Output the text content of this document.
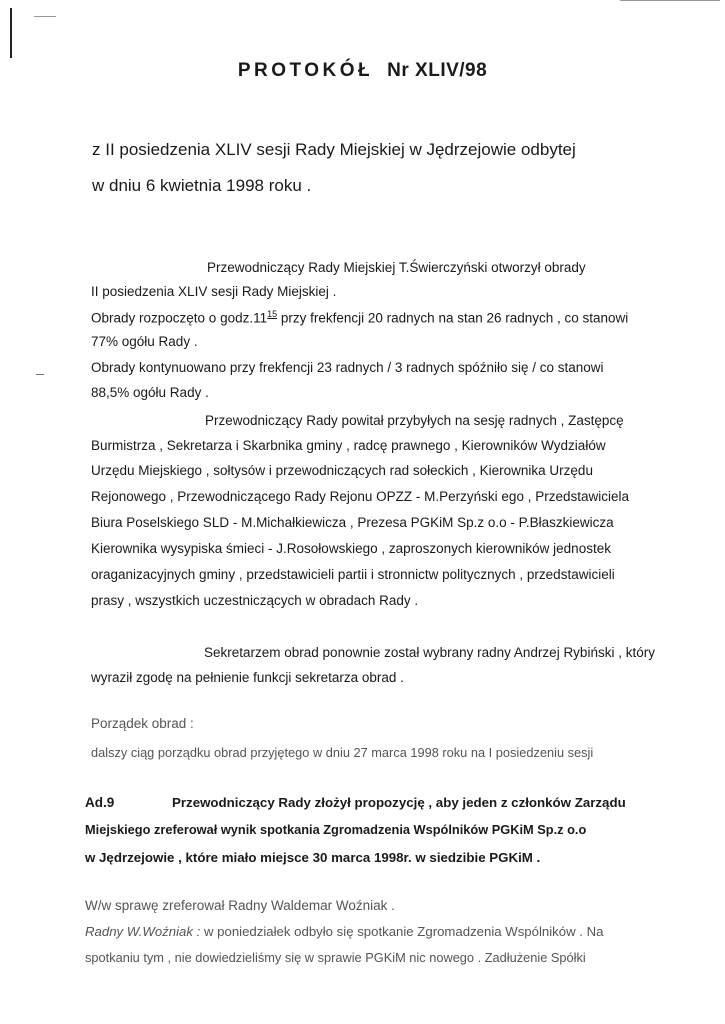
PROTOKÓŁ Nr XLIV/98
z II posiedzenia XLIV sesji Rady Miejskiej w Jędrzejowie odbytej
w dniu 6 kwietnia 1998 roku .
Przewodniczący Rady Miejskiej T.Świerczyński otworzył obrady
II posiedzenia XLIV sesji Rady Miejskiej .
Obrady rozpoczęto o $godz.11^{15}$ przy frekfencji 20 radnych na stan 26 radnych , co stanowi
77% ogółu Rady .
Obrady kontynuowano przy frekfencji 23 radnych / 3 radnych spóźniło się / co stanowi
88,5% ogółu Rady .
Przewodniczący Rady powitał przybyłych na sesję radnych , Zastępcę
Burmistrza , Sekretarza i Skarbnika gminy , radcę prawnego , Kierowników Wydziałów
Urzędu Miejskiego , sołtysów i przewodniczących rad sołeckich , Kierownika Urzędu
Rejonowego , Przewodniczącego Rady Rejonu OPZZ - M.Perzyński ego , Przedstawiciela
Biura Poselskiego SLD - M.Michałkiewicza , Prezesa PGKiM Sp.z o.o - P.Błaszkiewicza
Kierownika wysypiska śmieci - J.Rosołowskiego , zaproszonych kierowników jednostek
oraganizacyjnych gminy , przedstawicieli partii i stronnictw politycznych , przedstawicieli
prasy , wszystkich uczestniczących w obradach Rady .
Sekretarzem obrad ponownie został wybrany radny Andrzej Rybiński , który
wyraził zgodę na pełnienie funkcji sekretarza obrad .
Porządek obrad :
dalszy ciąg porządku obrad przyjętego w dniu 27 marca 1998 roku na I posiedzeniu sesji
Ad.9	Przewodniczący Rady złożył propozycję , aby jeden z członków Zarządu
Miejskiego zreferował wynik spotkania Zgromadzenia Wspólników PGKiM Sp.z o.o
w Jędrzejowie , które miało miejsce 30 marca 1998r. w siedzibie PGKiM .
W/w sprawę zreferował Radny Waldemar Woźniak .
Radny W.Woźniak : w poniedziałek odbyło się spotkanie Zgromadzenia Wspólników . Na
spotkaniu tym , nie dowiedzieliśmy się w sprawie PGKiM nic nowego . Zadłużenie Spółki
